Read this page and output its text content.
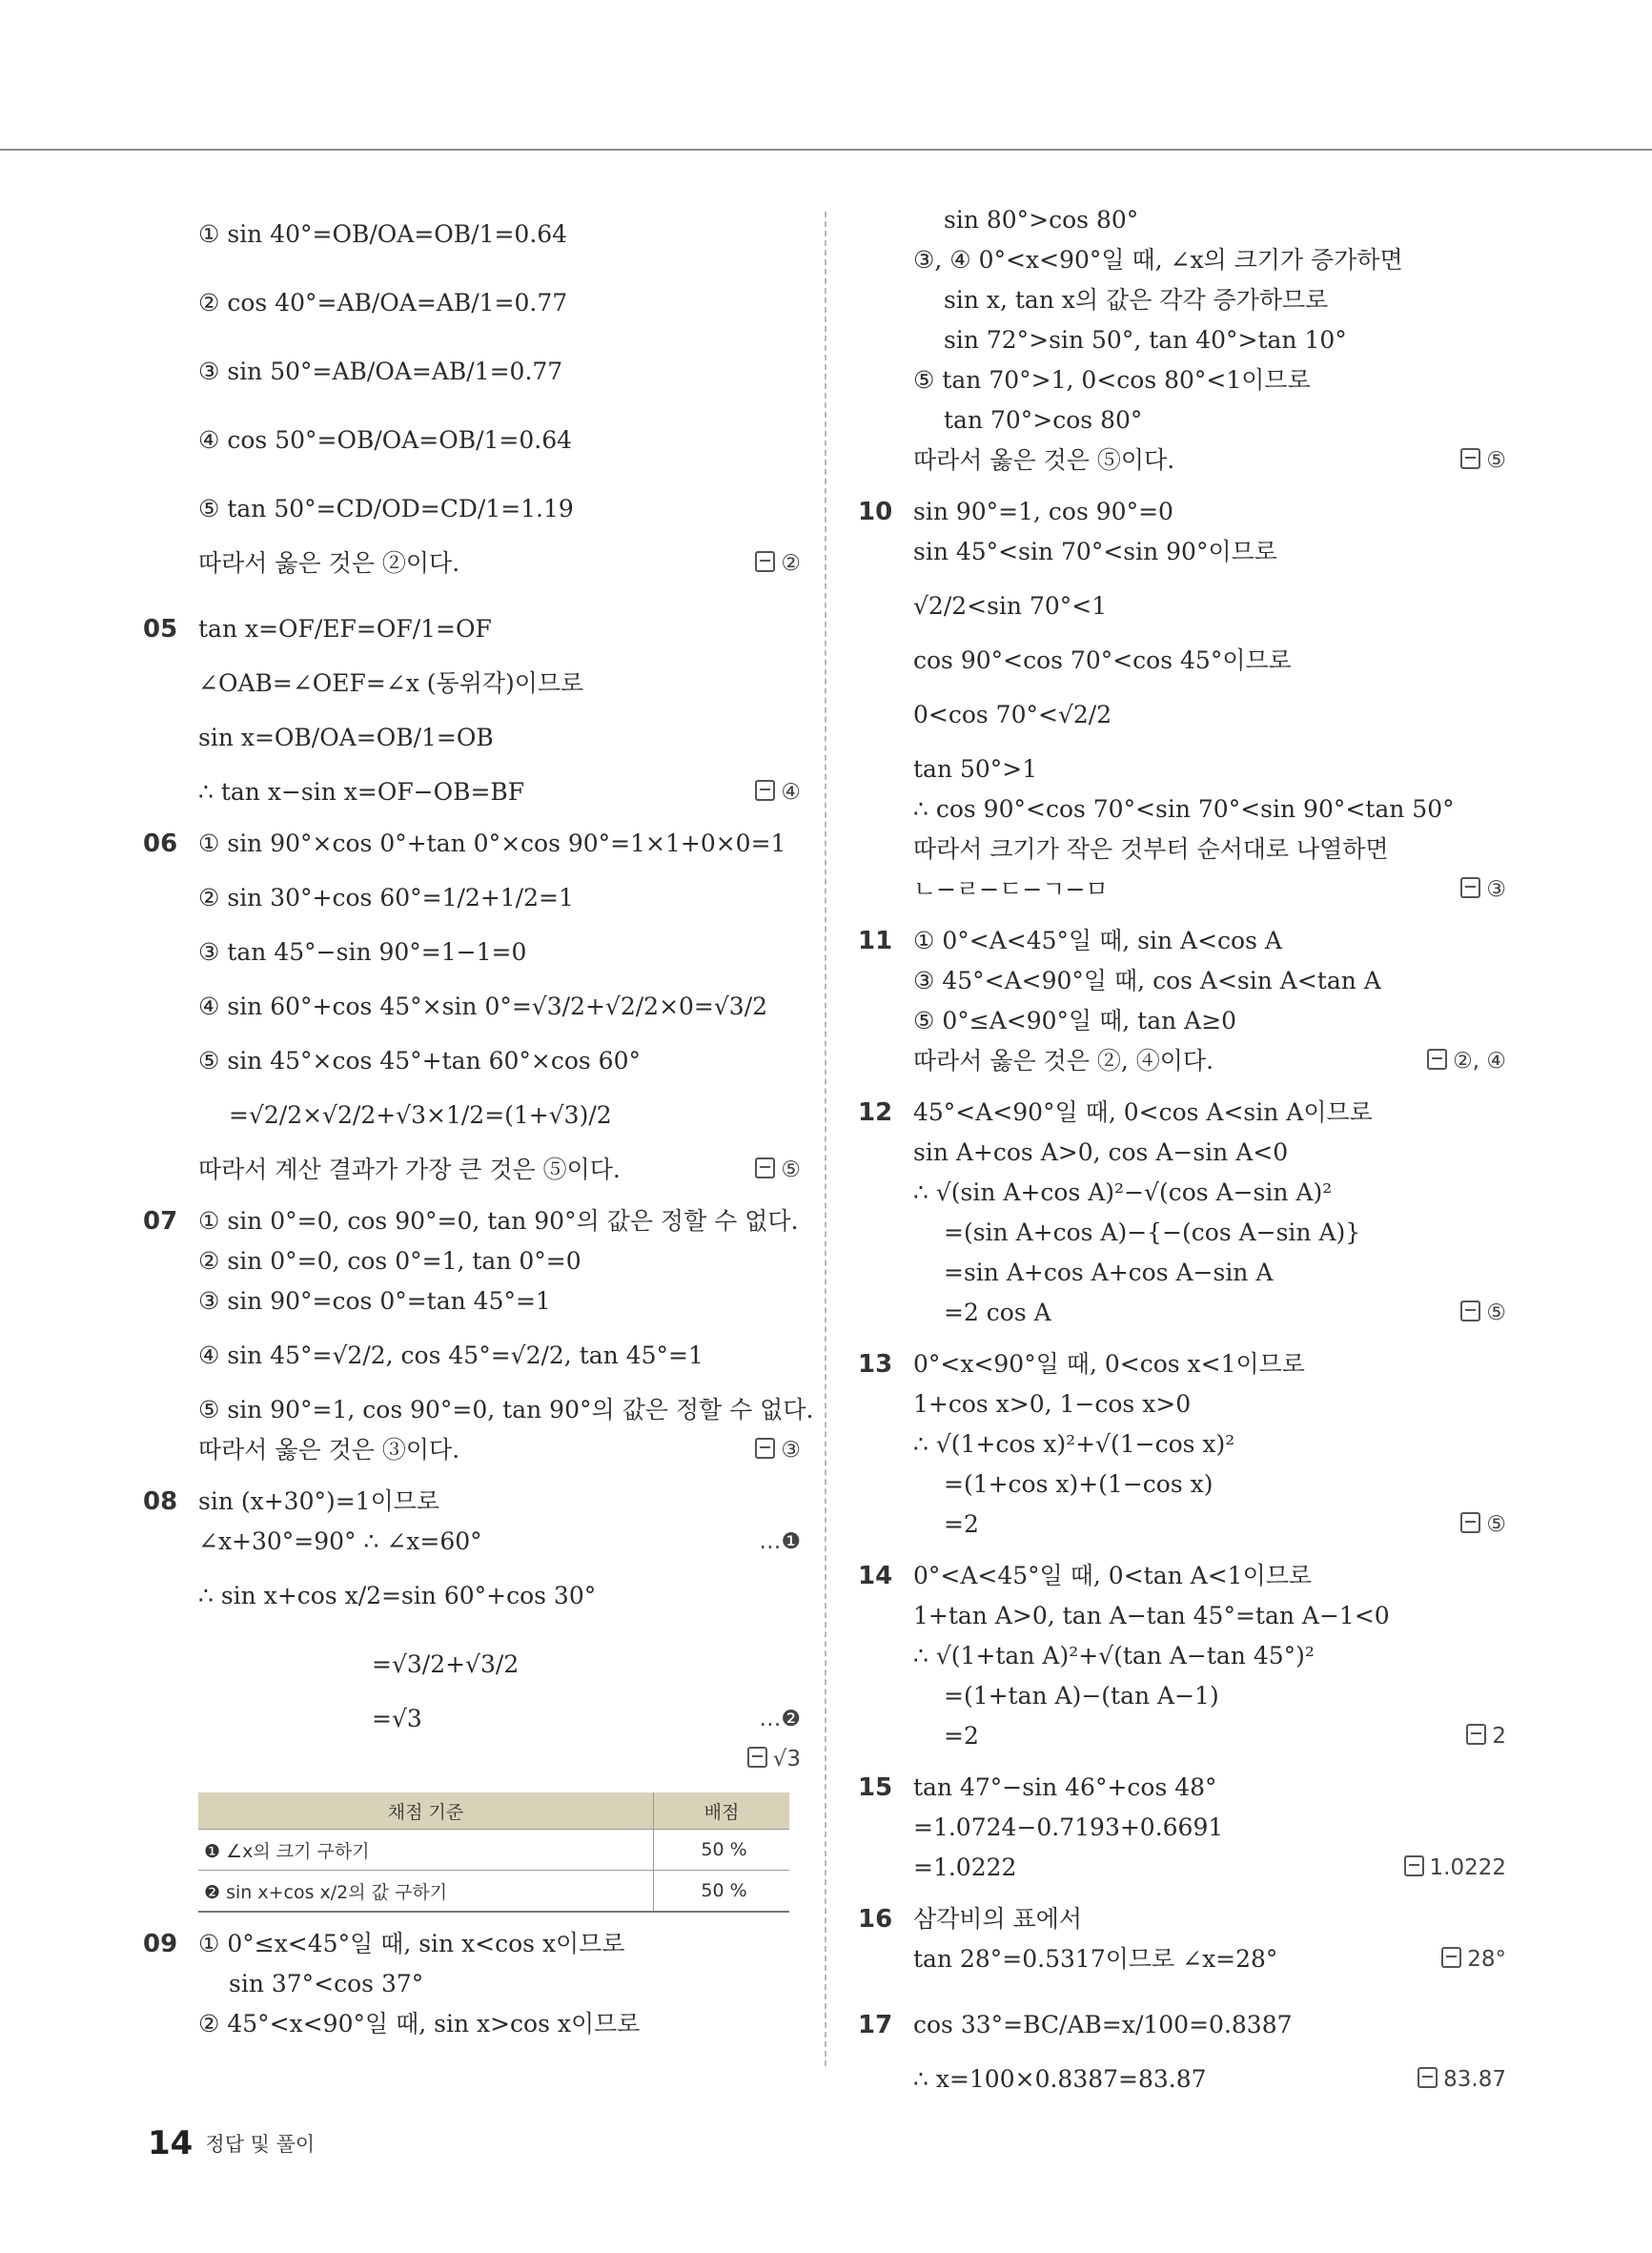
① sin 40°=OB/OA=OB/1=0.64
② cos 40°=AB/OA=AB/1=0.77
③ sin 50°=AB/OA=AB/1=0.77
④ cos 50°=OB/OA=OB/1=0.64
⑤ tan 50°=CD/OD=CD/1=1.19
따라서 옳은 것은 ②이다.	②
05 tan x=OF/EF=OF/1=OF
∠OAB=∠OEF=∠x (동위각)이므로
sin x=OB/OA=OB/1=OB
∴ tan x−sin x=OF−OB=BF	④
06 ① sin 90°×cos 0°+tan 0°×cos 90°=1×1+0×0=1
② sin 30°+cos 60°=1/2+1/2=1
③ tan 45°−sin 90°=1−1=0
④ sin 60°+cos 45°×sin 0°=√3/2+√2/2×0=√3/2
⑤ sin 45°×cos 45°+tan 60°×cos 60°
=√2/2×√2/2+√3×1/2=(1+√3)/2
따라서 계산 결과가 가장 큰 것은 ⑤이다.	⑤
07 ① sin 0°=0, cos 90°=0, tan 90°의 값은 정할 수 없다.
② sin 0°=0, cos 0°=1, tan 0°=0
③ sin 90°=cos 0°=tan 45°=1
④ sin 45°=√2/2, cos 45°=√2/2, tan 45°=1
⑤ sin 90°=1, cos 90°=0, tan 90°의 값은 정할 수 없다.
따라서 옳은 것은 ③이다.	③
08 sin (x+30°)=1이므로
∠x+30°=90° ∴ ∠x=60°	…❶
∴ sin x+cos x/2=sin 60°+cos 30°
=√3/2+√3/2
=√3	…❷
√3
채점 기준	배점
❶ ∠x의 크기 구하기	50 %
❷ sin x+cos x/2의 값 구하기	50 %
09 ① 0°≤x<45°일 때, sin x<cos x이므로
sin 37°<cos 37°
② 45°<x<90°일 때, sin x>cos x이므로
sin 80°>cos 80°
③, ④ 0°<x<90°일 때, ∠x의 크기가 증가하면
sin x, tan x의 값은 각각 증가하므로
sin 72°>sin 50°, tan 40°>tan 10°
⑤ tan 70°>1, 0<cos 80°<1이므로
tan 70°>cos 80°
따라서 옳은 것은 ⑤이다.	⑤
10 sin 90°=1, cos 90°=0
sin 45°<sin 70°<sin 90°이므로
√2/2<sin 70°<1
cos 90°<cos 70°<cos 45°이므로
0<cos 70°<√2/2
tan 50°>1
∴ cos 90°<cos 70°<sin 70°<sin 90°<tan 50°
따라서 크기가 작은 것부터 순서대로 나열하면
ㄴ−ㄹ−ㄷ−ㄱ−ㅁ	③
11 ① 0°<A<45°일 때, sin A<cos A
③ 45°<A<90°일 때, cos A<sin A<tan A
⑤ 0°≤A<90°일 때, tan A≥0
따라서 옳은 것은 ②, ④이다.	②, ④
12 45°<A<90°일 때, 0<cos A<sin A이므로
sin A+cos A>0, cos A−sin A<0
∴ √(sin A+cos A)²−√(cos A−sin A)²
=(sin A+cos A)−{−(cos A−sin A)}
=sin A+cos A+cos A−sin A
=2 cos A	⑤
13 0°<x<90°일 때, 0<cos x<1이므로
1+cos x>0, 1−cos x>0
∴ √(1+cos x)²+√(1−cos x)²
=(1+cos x)+(1−cos x)
=2	⑤
14 0°<A<45°일 때, 0<tan A<1이므로
1+tan A>0, tan A−tan 45°=tan A−1<0
∴ √(1+tan A)²+√(tan A−tan 45°)²
=(1+tan A)−(tan A−1)
=2	2
15 tan 47°−sin 46°+cos 48°
=1.0724−0.7193+0.6691
=1.0222	1.0222
16 삼각비의 표에서
tan 28°=0.5317이므로 ∠x=28°	28°
17 cos 33°=BC/AB=x/100=0.8387
∴ x=100×0.8387=83.87	83.87
14 정답 및 풀이
